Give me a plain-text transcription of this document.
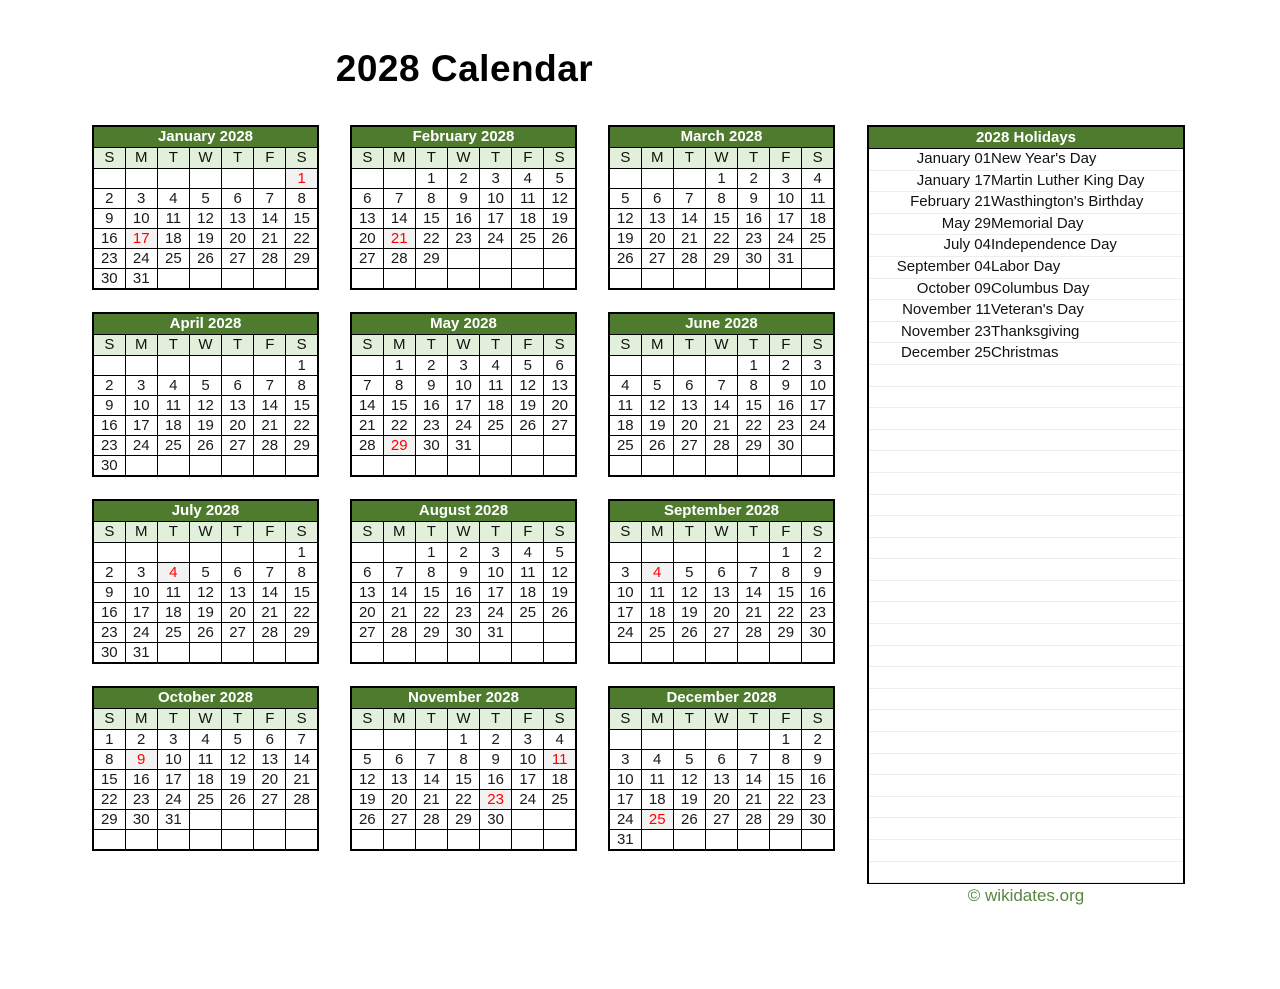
2028 Calendar
January 2028						
S	M	T	W	T	F	S
						1
2	3	4	5	6	7	8
9	10	11	12	13	14	15
16	17	18	19	20	21	22
23	24	25	26	27	28	29
30	31					
February 2028						
S	M	T	W	T	F	S
		1	2	3	4	5
6	7	8	9	10	11	12
13	14	15	16	17	18	19
20	21	22	23	24	25	26
27	28	29				

March 2028						
S	M	T	W	T	F	S
			1	2	3	4
5	6	7	8	9	10	11
12	13	14	15	16	17	18
19	20	21	22	23	24	25
26	27	28	29	30	31	

April 2028						
S	M	T	W	T	F	S
						1
2	3	4	5	6	7	8
9	10	11	12	13	14	15
16	17	18	19	20	21	22
23	24	25	26	27	28	29
30						
May 2028						
S	M	T	W	T	F	S
	1	2	3	4	5	6
7	8	9	10	11	12	13
14	15	16	17	18	19	20
21	22	23	24	25	26	27
28	29	30	31			

June 2028						
S	M	T	W	T	F	S
				1	2	3
4	5	6	7	8	9	10
11	12	13	14	15	16	17
18	19	20	21	22	23	24
25	26	27	28	29	30	

July 2028						
S	M	T	W	T	F	S
						1
2	3	4	5	6	7	8
9	10	11	12	13	14	15
16	17	18	19	20	21	22
23	24	25	26	27	28	29
30	31					
August 2028						
S	M	T	W	T	F	S
		1	2	3	4	5
6	7	8	9	10	11	12
13	14	15	16	17	18	19
20	21	22	23	24	25	26
27	28	29	30	31		

September 2028						
S	M	T	W	T	F	S
					1	2
3	4	5	6	7	8	9
10	11	12	13	14	15	16
17	18	19	20	21	22	23
24	25	26	27	28	29	30

October 2028						
S	M	T	W	T	F	S
1	2	3	4	5	6	7
8	9	10	11	12	13	14
15	16	17	18	19	20	21
22	23	24	25	26	27	28
29	30	31				

November 2028						
S	M	T	W	T	F	S
			1	2	3	4
5	6	7	8	9	10	11
12	13	14	15	16	17	18
19	20	21	22	23	24	25
26	27	28	29	30		

December 2028						
S	M	T	W	T	F	S
					1	2
3	4	5	6	7	8	9
10	11	12	13	14	15	16
17	18	19	20	21	22	23
24	25	26	27	28	29	30
31						
2028 Holidays
January 01	New Year's Day
January 17	Martin Luther King Day
February 21	Wasthington's Birthday
May 29	Memorial Day
July 04	Independence Day
September 04	Labor Day
October 09	Columbus Day
November 11	Veteran's Day
November 23	Thanksgiving
December 25	Christmas

© wikidates.org
